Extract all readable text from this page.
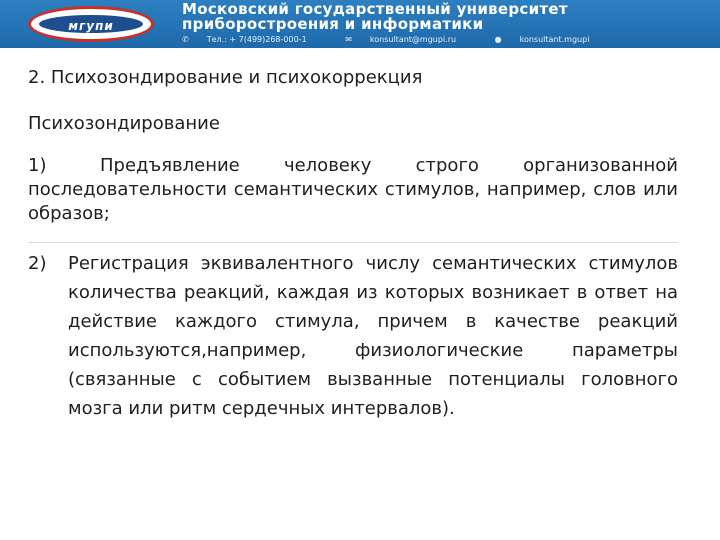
мгупи
Московский государственный университет
приборостроения и информатики
✆ Тел.: + 7(499)268-000-1	✉ konsultant@mgupi.ru	● konsultant.mgupi
2. Психозондирование и психокоррекция
Психозондирование
1)	Предъявление человеку строго организованной последовательности семантических стимулов, например, слов или образов;
2) Регистрация эквивалентного числу семантических стимулов количества реакций, каждая из которых возникает в ответ на действие каждого стимула, причем в качестве реакций используются,например, физиологические параметры (связанные с событием вызванные потенциалы головного мозга или ритм сердечных интервалов).
